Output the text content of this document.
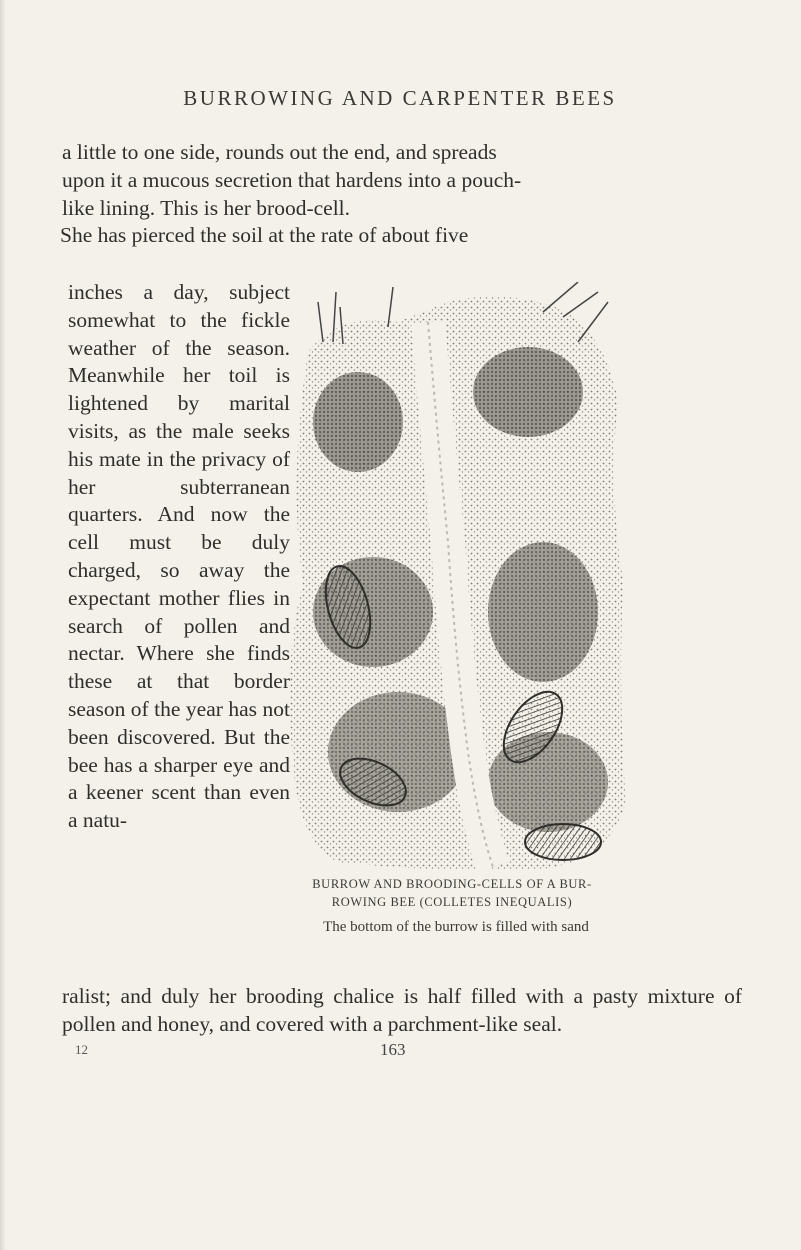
BURROWING AND CARPENTER BEES

a little to one side, rounds out the end, and spreads

upon it a mucous secretion that hardens into a pouch-

like lining. This is her brood-cell.

She has pierced the soil at the rate of about five

inches a day, subject somewhat to the fickle weather of the season. Meanwhile her toil is lightened by marital visits, as the male seeks his mate in the privacy of her subterranean quarters. And now the cell must be duly charged, so away the expectant mother flies in search of pollen and nectar. Where she finds these at that border season of the year has not been discovered. But the bee has a sharper eye and a keener scent than even a natu-
BURROW AND BROODING-CELLS OF A BUR-
ROWING BEE (COLLETES INEQUALIS)
The bottom of the burrow is filled with sand
ralist; and duly her brooding chalice is half filled with a pasty mixture of pollen and honey, and covered with a parchment-like seal.
12	163
